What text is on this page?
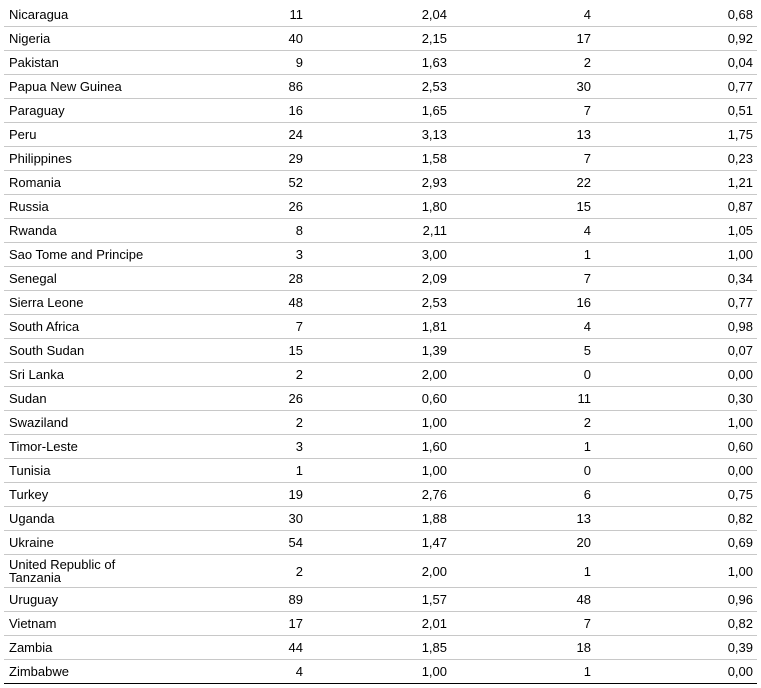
Nicaragua	11	2,04	4	0,68
Nigeria	40	2,15	17	0,92
Pakistan	9	1,63	2	0,04
Papua New Guinea	86	2,53	30	0,77
Paraguay	16	1,65	7	0,51
Peru	24	3,13	13	1,75
Philippines	29	1,58	7	0,23
Romania	52	2,93	22	1,21
Russia	26	1,80	15	0,87
Rwanda	8	2,11	4	1,05
Sao Tome and Principe	3	3,00	1	1,00
Senegal	28	2,09	7	0,34
Sierra Leone	48	2,53	16	0,77
South Africa	7	1,81	4	0,98
South Sudan	15	1,39	5	0,07
Sri Lanka	2	2,00	0	0,00
Sudan	26	0,60	11	0,30
Swaziland	2	1,00	2	1,00
Timor-Leste	3	1,60	1	0,60
Tunisia	1	1,00	0	0,00
Turkey	19	2,76	6	0,75
Uganda	30	1,88	13	0,82
Ukraine	54	1,47	20	0,69
United Republic of Tanzania	2	2,00	1	1,00
Uruguay	89	1,57	48	0,96
Vietnam	17	2,01	7	0,82
Zambia	44	1,85	18	0,39
Zimbabwe	4	1,00	1	0,00
